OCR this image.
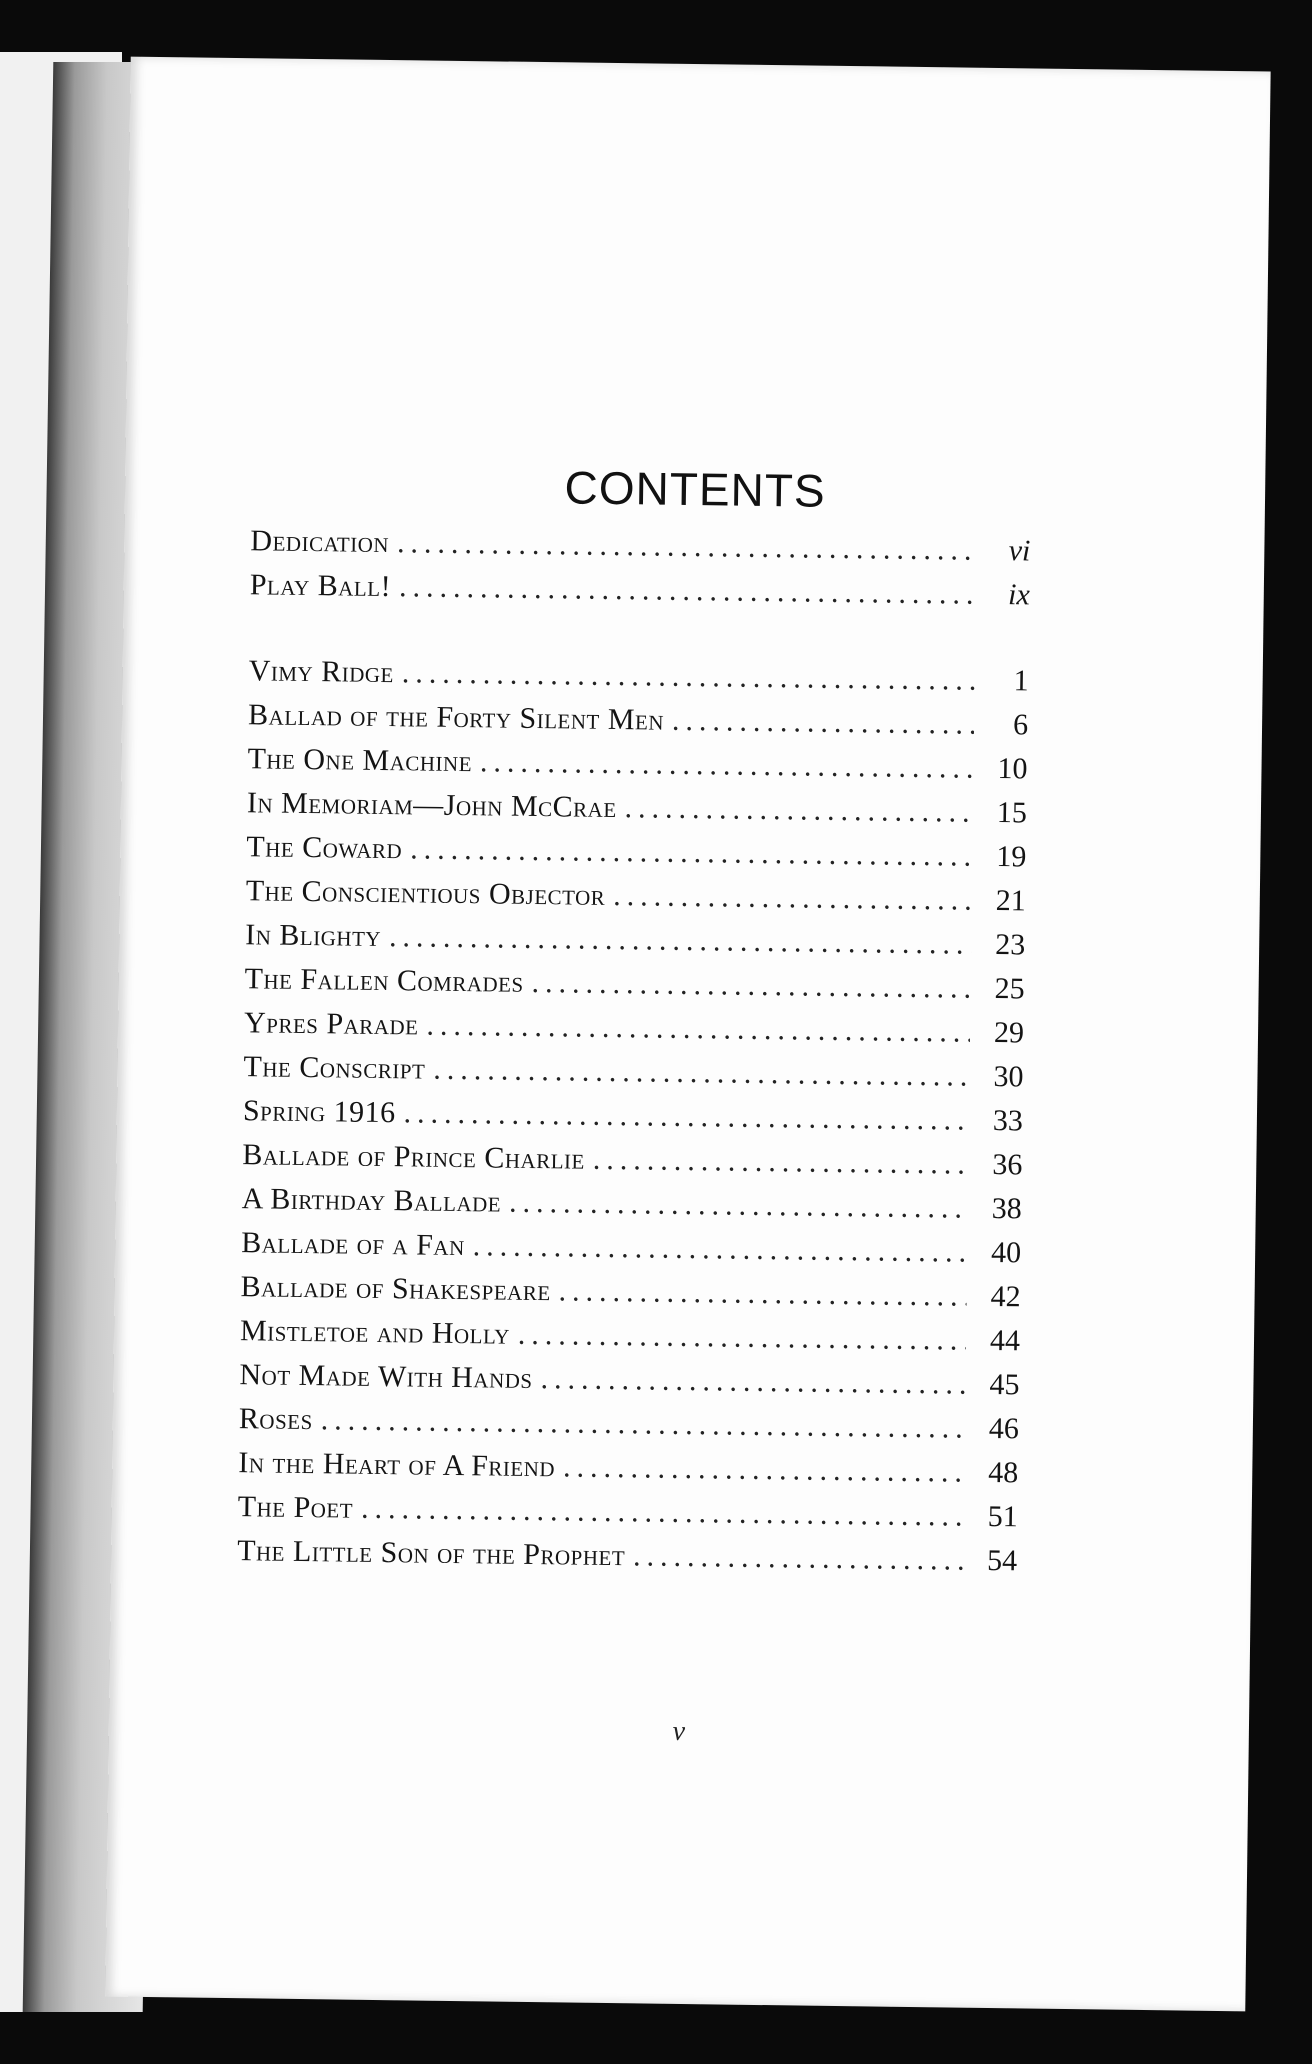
CONTENTS
Dedication .....	vi
Play Ball! .....	ix
Vimy Ridge .....	1
Ballad of the Forty Silent Men .....	6
The One Machine .....	10
In Memoriam—John McCrae .....	15
The Coward .....	19
The Conscientious Objector .....	21
In Blighty .....	23
The Fallen Comrades .....	25
Ypres Parade .....	29
The Conscript .....	30
Spring 1916 .....	33
Ballade of Prince Charlie .....	36
A Birthday Ballade .....	38
Ballade of a Fan .....	40
Ballade of Shakespeare .....	42
Mistletoe and Holly .....	44
Not Made With Hands .....	45
Roses .....	46
In the Heart of A Friend .....	48
The Poet .....	51
The Little Son of the Prophet .....	54
v
